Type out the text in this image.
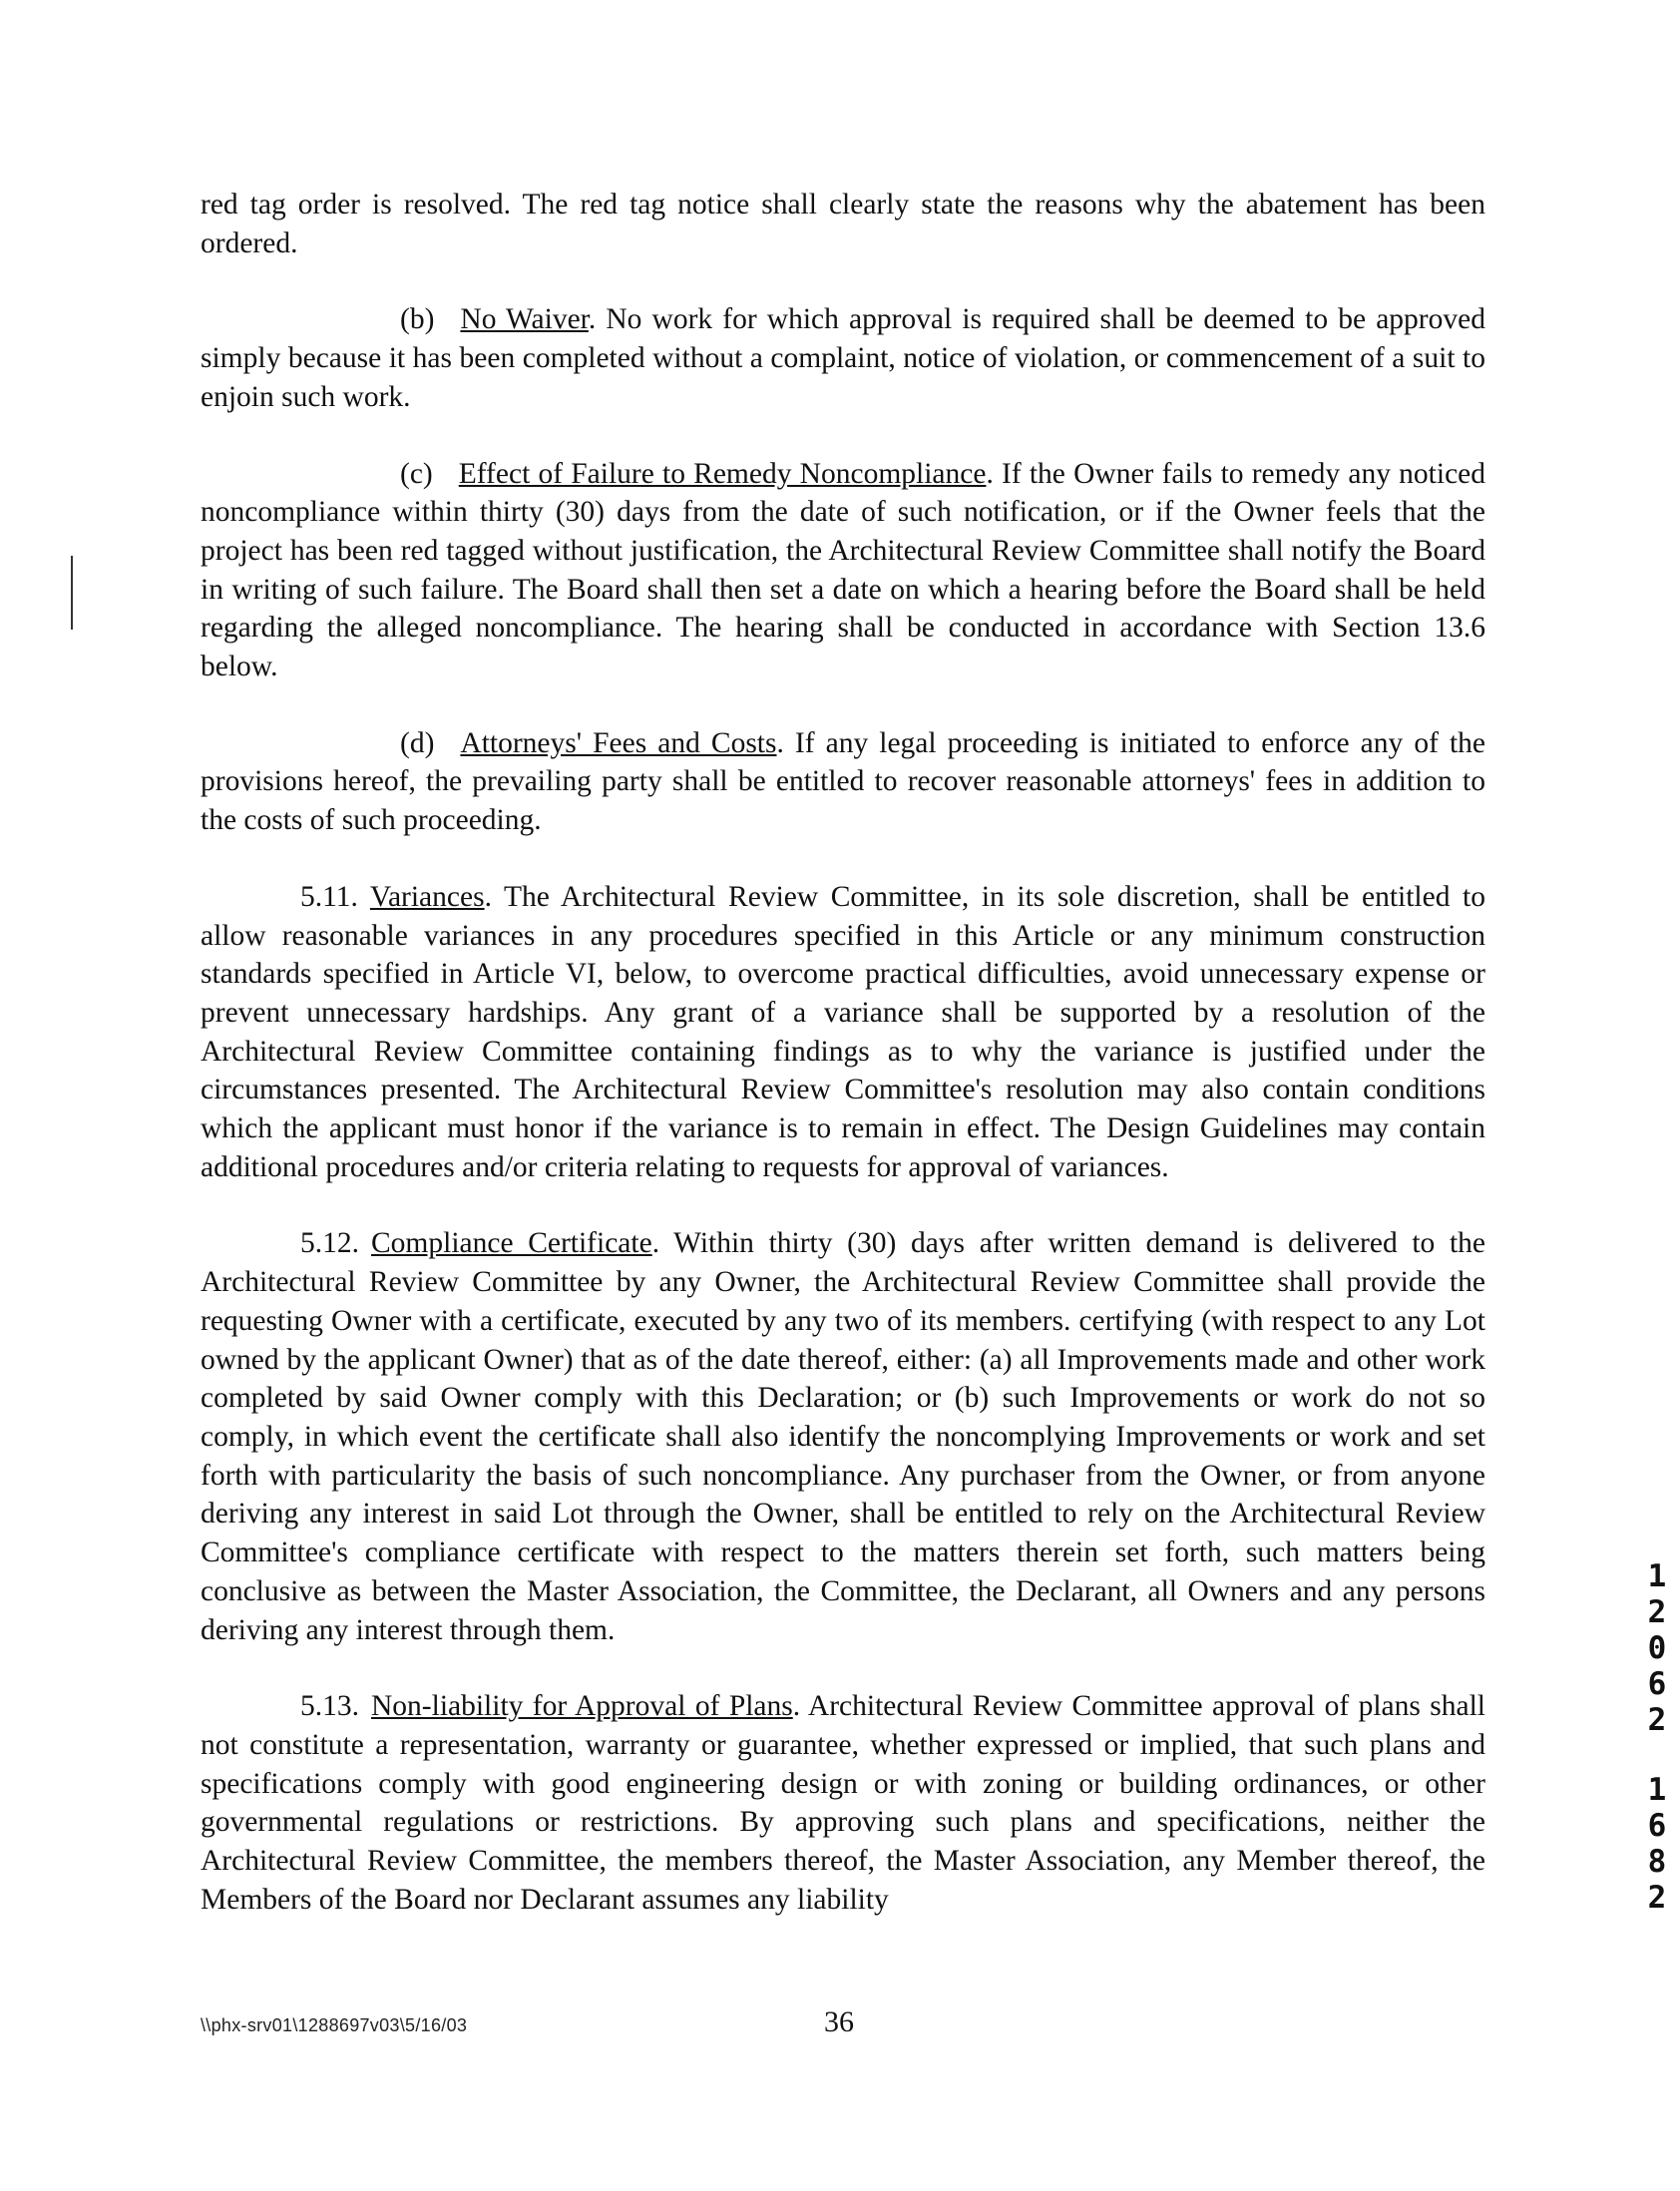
red tag order is resolved. The red tag notice shall clearly state the reasons why the abatement has been ordered.

(b) No Waiver. No work for which approval is required shall be deemed to be approved simply because it has been completed without a complaint, notice of violation, or commencement of a suit to enjoin such work.

(c) Effect of Failure to Remedy Noncompliance. If the Owner fails to remedy any noticed noncompliance within thirty (30) days from the date of such notification, or if the Owner feels that the project has been red tagged without justification, the Architectural Review Committee shall notify the Board in writing of such failure. The Board shall then set a date on which a hearing before the Board shall be held regarding the alleged noncompliance. The hearing shall be conducted in accordance with Section 13.6 below.

(d) Attorneys' Fees and Costs. If any legal proceeding is initiated to enforce any of the provisions hereof, the prevailing party shall be entitled to recover reasonable attorneys' fees in addition to the costs of such proceeding.

5.11. Variances. The Architectural Review Committee, in its sole discretion, shall be entitled to allow reasonable variances in any procedures specified in this Article or any minimum construction standards specified in Article VI, below, to overcome practical difficulties, avoid unnecessary expense or prevent unnecessary hardships. Any grant of a variance shall be supported by a resolution of the Architectural Review Committee containing findings as to why the variance is justified under the circumstances presented. The Architectural Review Committee's resolution may also contain conditions which the applicant must honor if the variance is to remain in effect. The Design Guidelines may contain additional procedures and/or criteria relating to requests for approval of variances.

5.12. Compliance Certificate. Within thirty (30) days after written demand is delivered to the Architectural Review Committee by any Owner, the Architectural Review Committee shall provide the requesting Owner with a certificate, executed by any two of its members. certifying (with respect to any Lot owned by the applicant Owner) that as of the date thereof, either: (a) all Improvements made and other work completed by said Owner comply with this Declaration; or (b) such Improvements or work do not so comply, in which event the certificate shall also identify the noncomplying Improvements or work and set forth with particularity the basis of such noncompliance. Any purchaser from the Owner, or from anyone deriving any interest in said Lot through the Owner, shall be entitled to rely on the Architectural Review Committee's compliance certificate with respect to the matters therein set forth, such matters being conclusive as between the Master Association, the Committee, the Declarant, all Owners and any persons deriving any interest through them.

5.13. Non-liability for Approval of Plans. Architectural Review Committee approval of plans shall not constitute a representation, warranty or guarantee, whether expressed or implied, that such plans and specifications comply with good engineering design or with zoning or building ordinances, or other governmental regulations or restrictions. By approving such plans and specifications, neither the Architectural Review Committee, the members thereof, the Master Association, any Member thereof, the Members of the Board nor Declarant assumes any liability

1
2
0
6
2
1
6
8
2
\\phx-srv01\1288697v03\5/16/03	36
